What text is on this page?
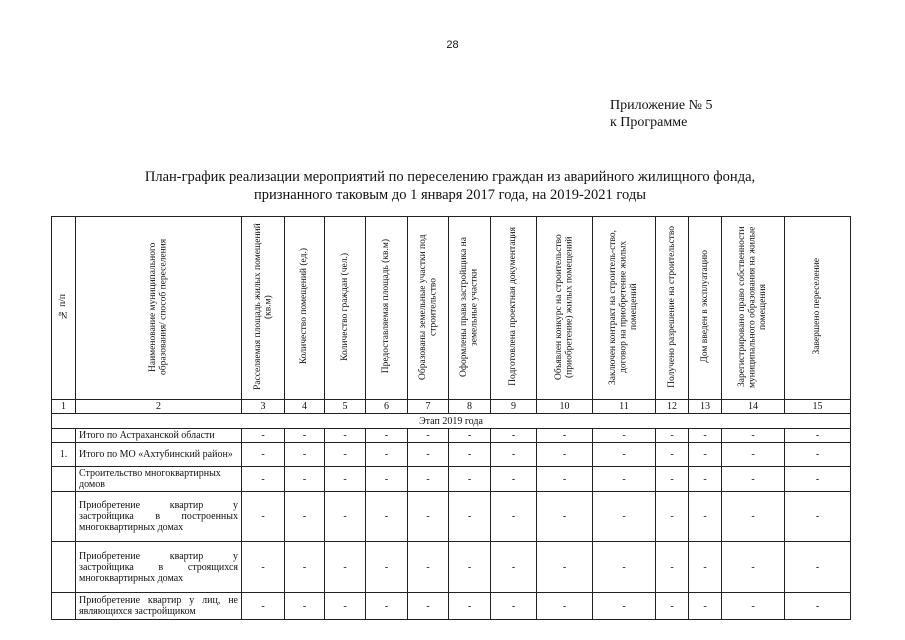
28
Приложение № 5
к Программе
План-график реализации мероприятий по переселению граждан из аварийного жилищного фонда,
признанного таковым до 1 января 2017 года, на 2019-2021 годы
№ п/п	Наименование муниципального образования/ способ переселения	Расселяемая площадь жилых помещений (кв.м)	Количество помещений (ед.)	Количество граждан (чел.)	Предоставляемая площадь (кв.м)	Образованы земельные участки под строительство	Оформлены права застройщика на земельные участки	Подготовлена проектная документация	Объявлен конкурс на строительство (приобретение) жилых помещений	Заключен контракт на строитель-ство, договор на приобретение жилых помещений	Получено разрешение на строительство	Дом введен в эксплуатацию	Зарегистрировано право собственности муниципального образования на жилые помещения	Завершено переселение
1	2	3	4	5	6	7	8	9	10	11	12	13	14	15
Этап 2019 года														
	Итого по Астраханской области	-	-	-	-	-	-	-	-	-	-	-	-	-
1.	Итого по МО «Ахтубинский район»	-	-	-	-	-	-	-	-	-	-	-	-	-
	Строительство многоквартирных домов	-	-	-	-	-	-	-	-	-	-	-	-	-
	Приобретение квартир у застройщика в построенных многоквартирных домах	-	-	-	-	-	-	-	-	-	-	-	-	-
	Приобретение квартир у застройщика в строящихся многоквартирных домах	-	-	-	-	-	-	-	-	-	-	-	-	-
	Приобретение квартир у лиц, не являющихся застройщиком	-	-	-	-	-	-	-	-	-	-	-	-	-
